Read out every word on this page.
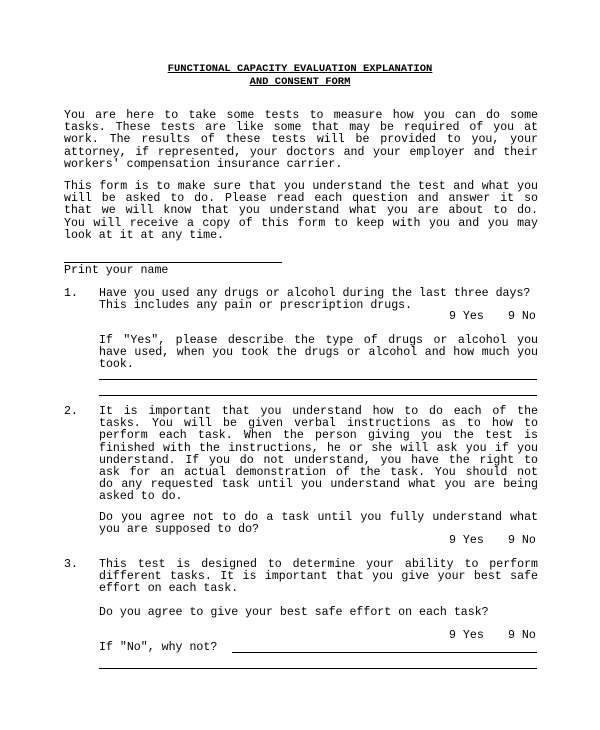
FUNCTIONAL CAPACITY EVALUATION EXPLANATION
AND CONSENT FORM

You are here to take some tests to measure how you can do some
tasks. These tests are like some that may be required of you at
work. The results of these tests will be provided to you, your
attorney, if represented, your doctors and your employer and their
workers' compensation insurance carrier.

This form is to make sure that you understand the test and what you
will be asked to do. Please read each question and answer it so
that we will know that you understand what you are about to do.
You will receive a copy of this form to keep with you and you may
look at it at any time.

Print your name
1. Have you used any drugs or alcohol during the last three days?
This includes any pain or prescription drugs.

9 Yes 9 No

If "Yes", please describe the type of drugs or alcohol you
have used, when you took the drugs or alcohol and how much you
took.

2. It is important that you understand how to do each of the
tasks. You will be given verbal instructions as to how to
perform each task. When the person giving you the test is
finished with the instructions, he or she will ask you if you
understand. If you do not understand, you have the right to
ask for an actual demonstration of the task. You should not
do any requested task until you understand what you are being
asked to do.

Do you agree not to do a task until you fully understand what
you are supposed to do?

9 Yes 9 No
3. This test is designed to determine your ability to perform
different tasks. It is important that you give your best safe
effort on each task.

Do you agree to give your best safe effort on each task?

9 Yes 9 No
If "No", why not?
